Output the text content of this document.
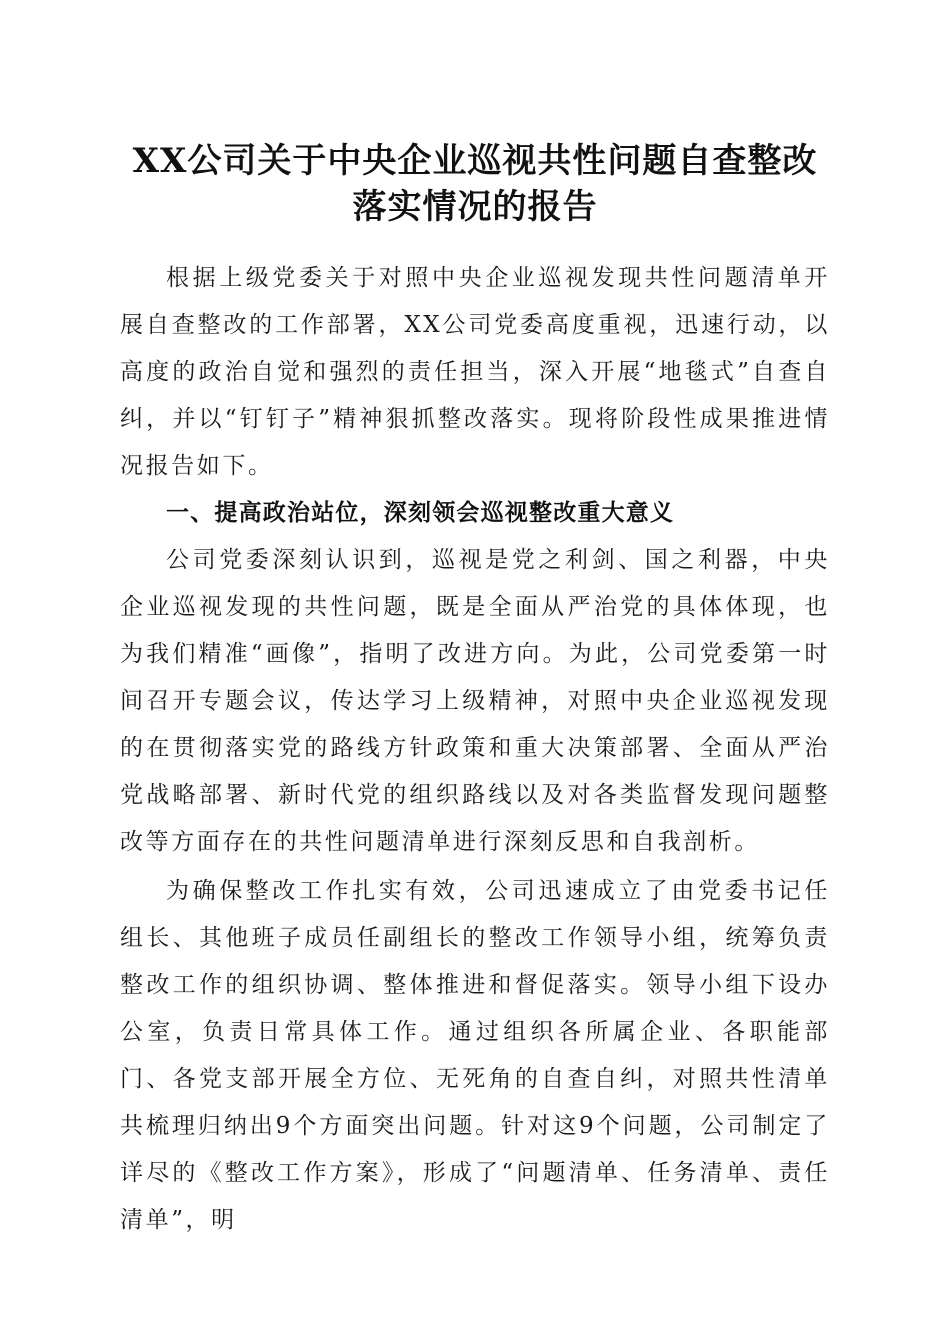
XX公司关于中央企业巡视共性问题自查整改
落实情况的报告

根据上级党委关于对照中央企业巡视发现共性问题清单开展自查整改的工作部署，XX公司党委高度重视，迅速行动，以高度的政治自觉和强烈的责任担当，深入开展“地毯式”自查自纠，并以“钉钉子”精神狠抓整改落实。现将阶段性成果推进情况报告如下。

一、提高政治站位，深刻领会巡视整改重大意义

公司党委深刻认识到，巡视是党之利剑、国之利器，中央企业巡视发现的共性问题，既是全面从严治党的具体体现，也为我们精准“画像”，指明了改进方向。为此，公司党委第一时间召开专题会议，传达学习上级精神，对照中央企业巡视发现的在贯彻落实党的路线方针政策和重大决策部署、全面从严治党战略部署、新时代党的组织路线以及对各类监督发现问题整改等方面存在的共性问题清单进行深刻反思和自我剖析。

为确保整改工作扎实有效，公司迅速成立了由党委书记任组长、其他班子成员任副组长的整改工作领导小组，统筹负责整改工作的组织协调、整体推进和督促落实。领导小组下设办公室，负责日常具体工作。通过组织各所属企业、各职能部门、各党支部开展全方位、无死角的自查自纠，对照共性清单共梳理归纳出9个方面突出问题。针对这9个问题，公司制定了详尽的《整改工作方案》，形成了“问题清单、任务清单、责任清单”，明
